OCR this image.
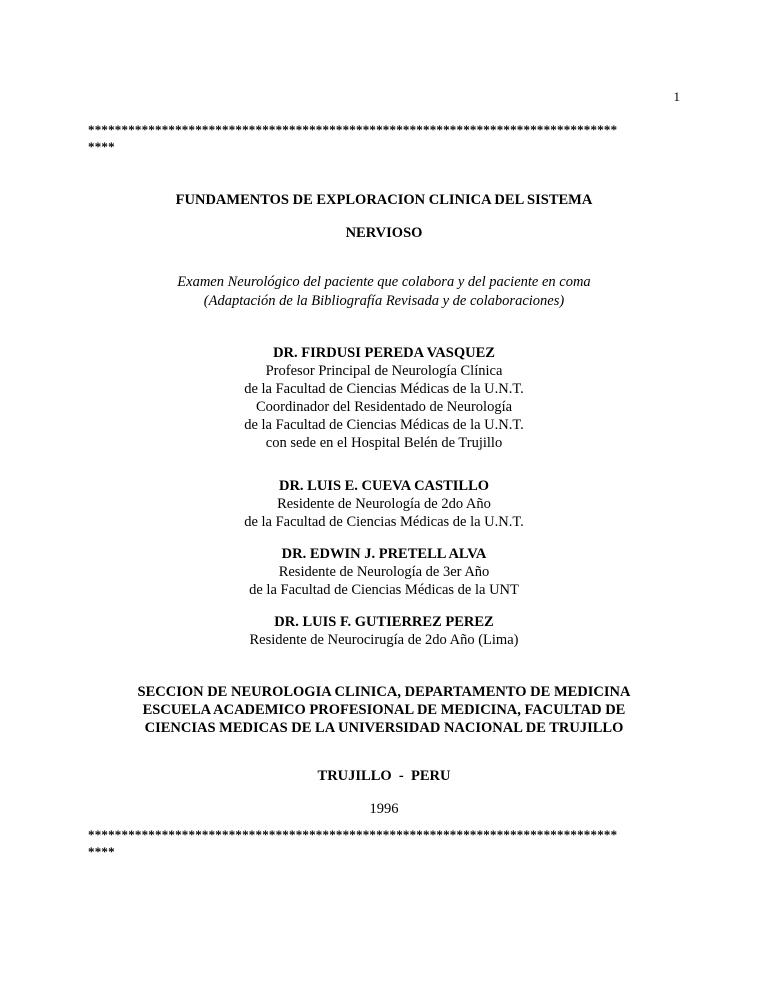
1
*******************************************************************************
****
FUNDAMENTOS DE EXPLORACION CLINICA DEL SISTEMA
NERVIOSO
Examen Neurológico del paciente que colabora y del paciente en coma
(Adaptación de la Bibliografía Revisada y de colaboraciones)
DR. FIRDUSI PEREDA VASQUEZ
Profesor Principal de Neurología Clínica
de la Facultad de Ciencias Médicas de la U.N.T.
Coordinador del Residentado de Neurología
de la Facultad de Ciencias Médicas de la U.N.T.
con sede en el Hospital Belén de Trujillo
DR. LUIS E. CUEVA CASTILLO
Residente de Neurología de 2do Año
de la Facultad de Ciencias Médicas de la U.N.T.
DR. EDWIN J. PRETELL ALVA
Residente de Neurología de 3er Año
de la Facultad de Ciencias Médicas de la UNT
DR. LUIS F. GUTIERREZ PEREZ
Residente de Neurocirugía de 2do Año (Lima)
SECCION DE NEUROLOGIA CLINICA, DEPARTAMENTO DE MEDICINA
ESCUELA ACADEMICO PROFESIONAL DE MEDICINA, FACULTAD DE
CIENCIAS MEDICAS DE LA UNIVERSIDAD NACIONAL DE TRUJILLO
TRUJILLO  -  PERU
1996
*******************************************************************************
****
